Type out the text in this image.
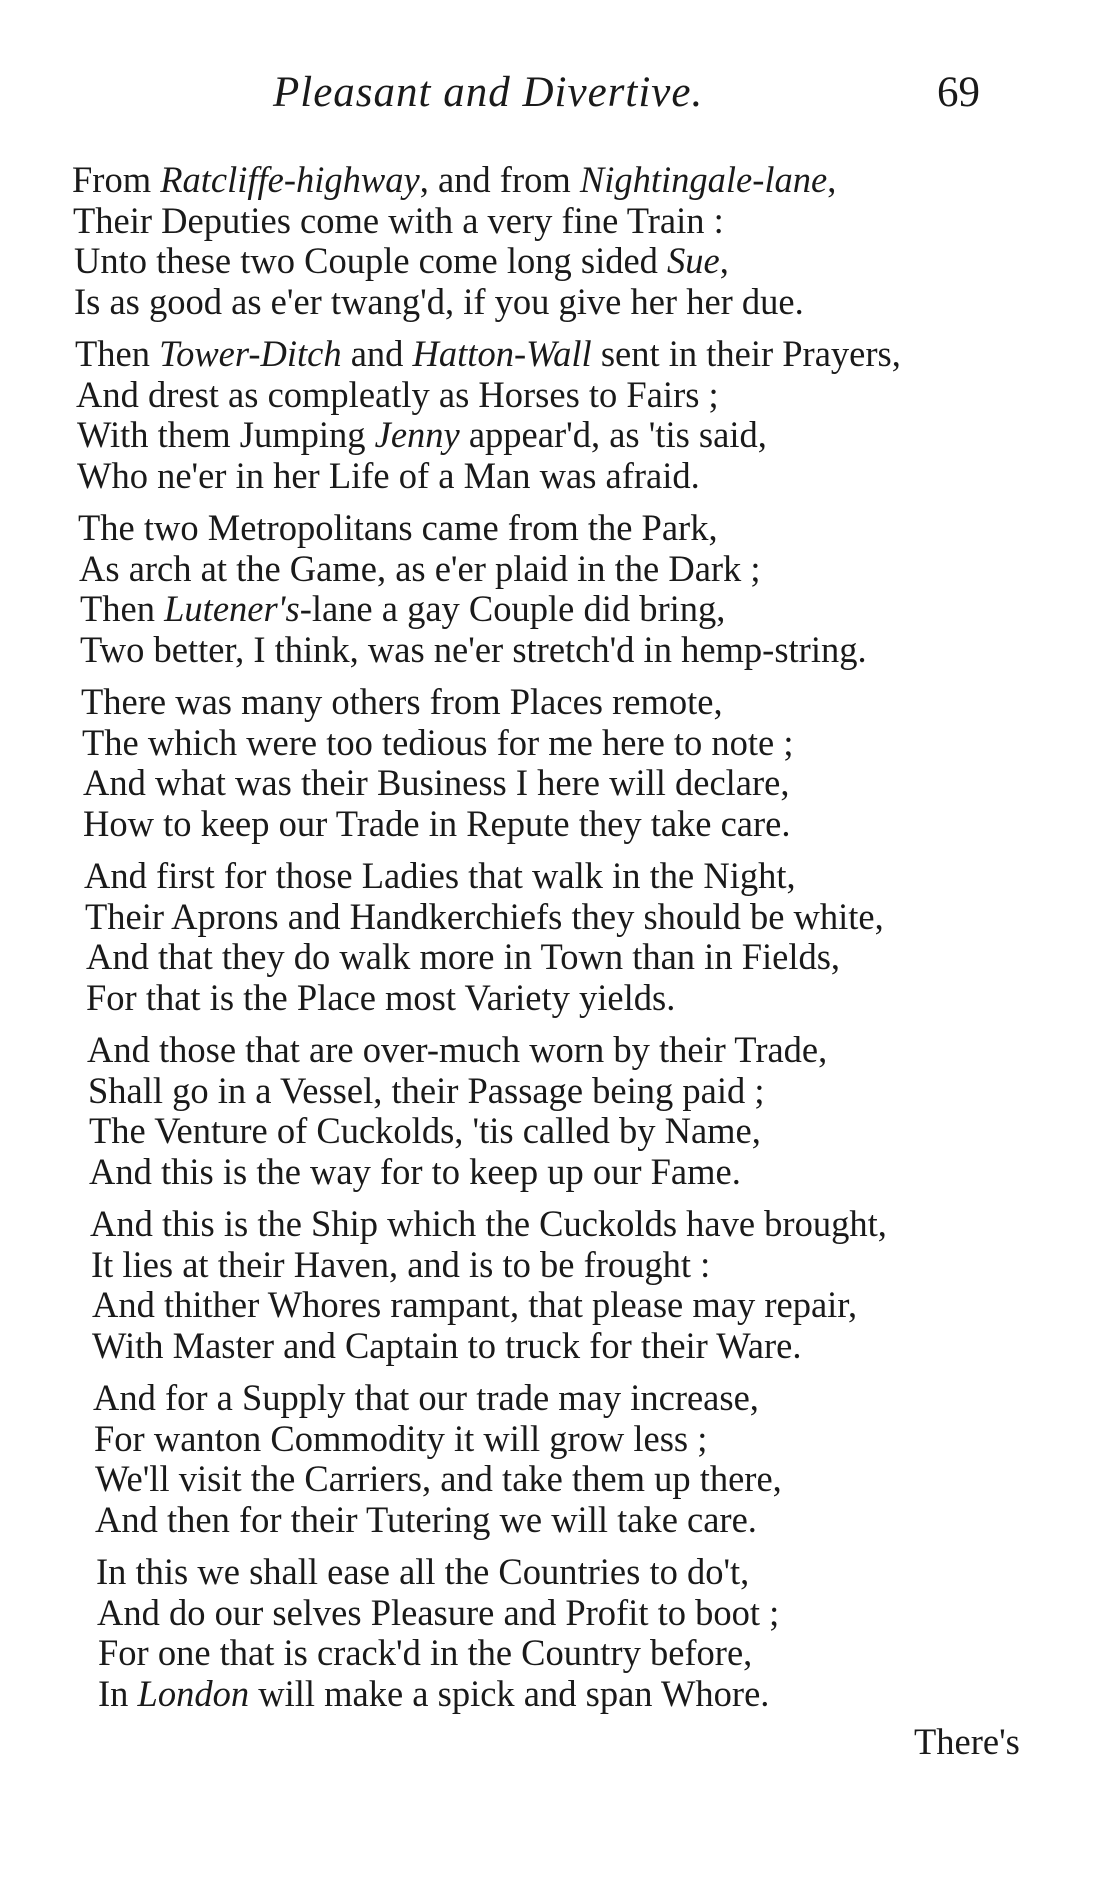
Pleasant and Divertive.	69
From Ratcliffe-highway, and from Nightingale-lane,
Their Deputies come with a very fine Train :
Unto these two Couple come long sided Sue,
Is as good as e'er twang'd, if you give her her due.
Then Tower-Ditch and Hatton-Wall sent in their Prayers,
And drest as compleatly as Horses to Fairs ;
With them Jumping Jenny appear'd, as 'tis said,
Who ne'er in her Life of a Man was afraid.
The two Metropolitans came from the Park,
As arch at the Game, as e'er plaid in the Dark ;
Then Lutener's-lane a gay Couple did bring,
Two better, I think, was ne'er stretch'd in hemp-string.
There was many others from Places remote,
The which were too tedious for me here to note ;
And what was their Business I here will declare,
How to keep our Trade in Repute they take care.
And first for those Ladies that walk in the Night,
Their Aprons and Handkerchiefs they should be white,
And that they do walk more in Town than in Fields,
For that is the Place most Variety yields.
And those that are over-much worn by their Trade,
Shall go in a Vessel, their Passage being paid ;
The Venture of Cuckolds, 'tis called by Name,
And this is the way for to keep up our Fame.
And this is the Ship which the Cuckolds have brought,
It lies at their Haven, and is to be frought :
And thither Whores rampant, that please may repair,
With Master and Captain to truck for their Ware.
And for a Supply that our trade may increase,
For wanton Commodity it will grow less ;
We'll visit the Carriers, and take them up there,
And then for their Tutering we will take care.
In this we shall ease all the Countries to do't,
And do our selves Pleasure and Profit to boot ;
For one that is crack'd in the Country before,
In London will make a spick and span Whore.
There's
